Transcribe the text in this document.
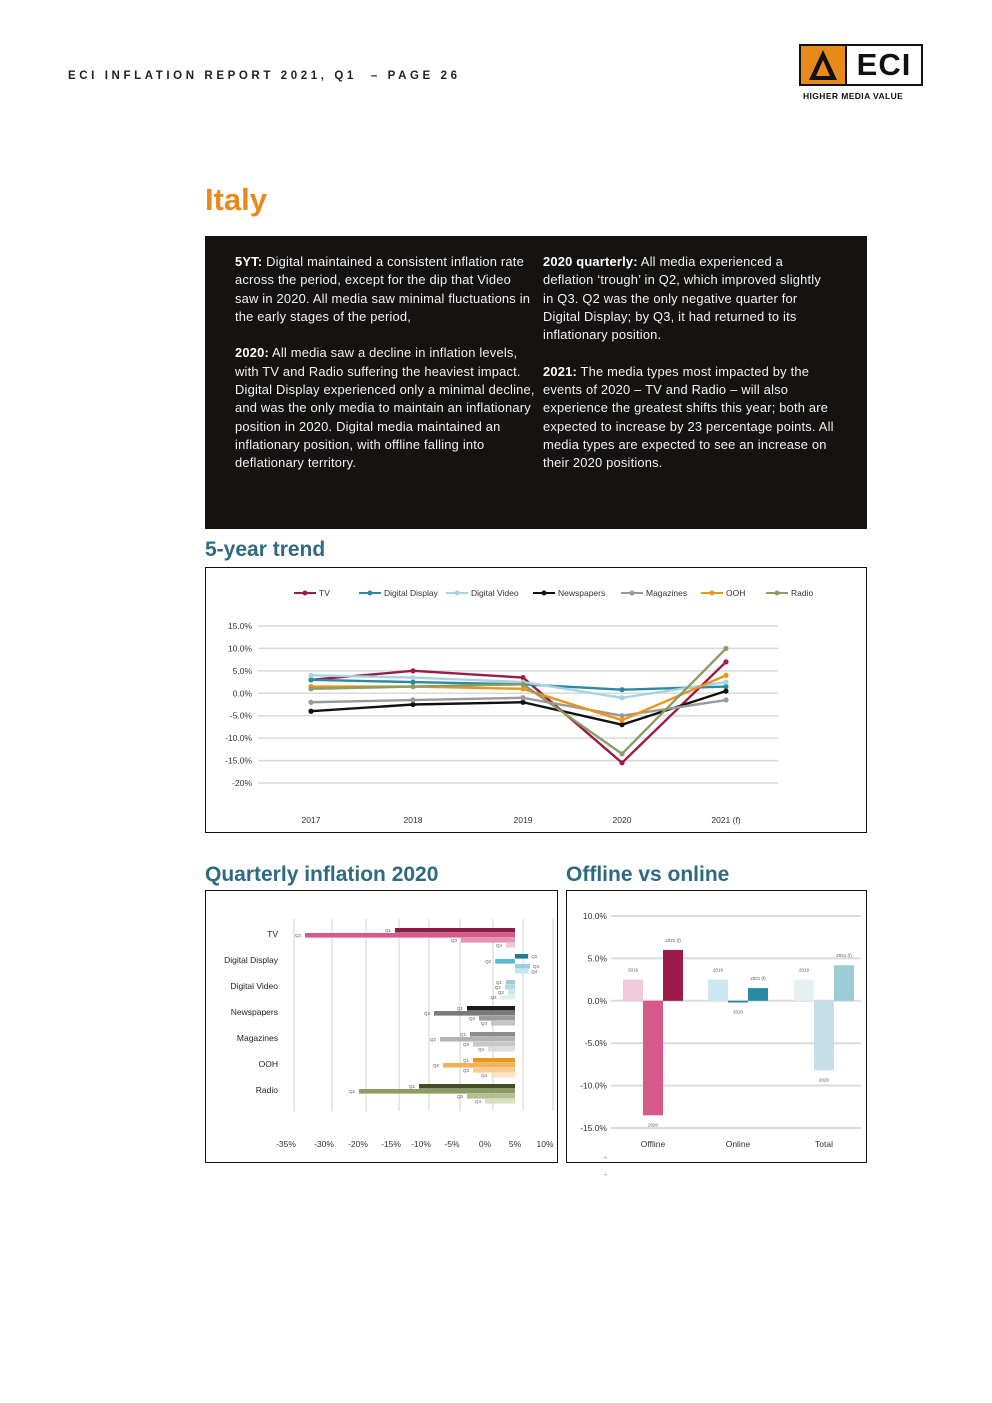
ECI INFLATION REPORT 2021, Q1 – PAGE 26	ECI
HIGHER MEDIA VALUE
Italy

5YT: Digital maintained a consistent inflation rate across the period, except for the dip that Video saw in 2020. All media saw minimal fluctuations in the early stages of the period,

2020: All media saw a decline in inflation levels, with TV and Radio suffering the heaviest impact. Digital Display experienced only a minimal decline, and was the only media to maintain an inflationary position in 2020. Digital media maintained an inflationary position, with offline falling into deflationary territory.

2020 quarterly: All media experienced a deflation ‘trough’ in Q2, which improved slightly in Q3. Q2 was the only negative quarter for Digital Display; by Q3, it had returned to its inflationary position.

2021: The media types most impacted by the events of 2020 – TV and Radio – will also experience the greatest shifts this year; both are expected to increase by 23 percentage points. All media types are expected to see an increase on their 2020 positions.

5-year trend
15.0%
10.0%
5.0%
0.0%
-5.0%
-10.0%
-15.0%
-20%
2017	2018	2019	2020	2021 (f)
TV	Digital Display	Digital Video	Newspapers	Magazines	OOH	Radio
Quarterly inflation 2020
-35% -30% -20% -15% -10% -5% 0% 5% 10%
TV	Q1
Q2
Q3
Q4
Digital Display	Q1
Q2
Q3
Q4
Digital Video	Q1
Q2
Q3
Q4
Newspapers	Q1
Q2
Q3
Q4
Magazines	Q1
Q2
Q3
Q4
OOH	Q1
Q2
Q3
Q4
Radio	Q1
Q2
Q3
Q4
Offline vs online
10.0%
5.0%
0.0%
-5.0%
-10.0%
-15.0%
2019
2020
2021 (f)
Offline
2019
2020
2021 (f)
Online
2019
2020
2021 (f)
Total
-
-
